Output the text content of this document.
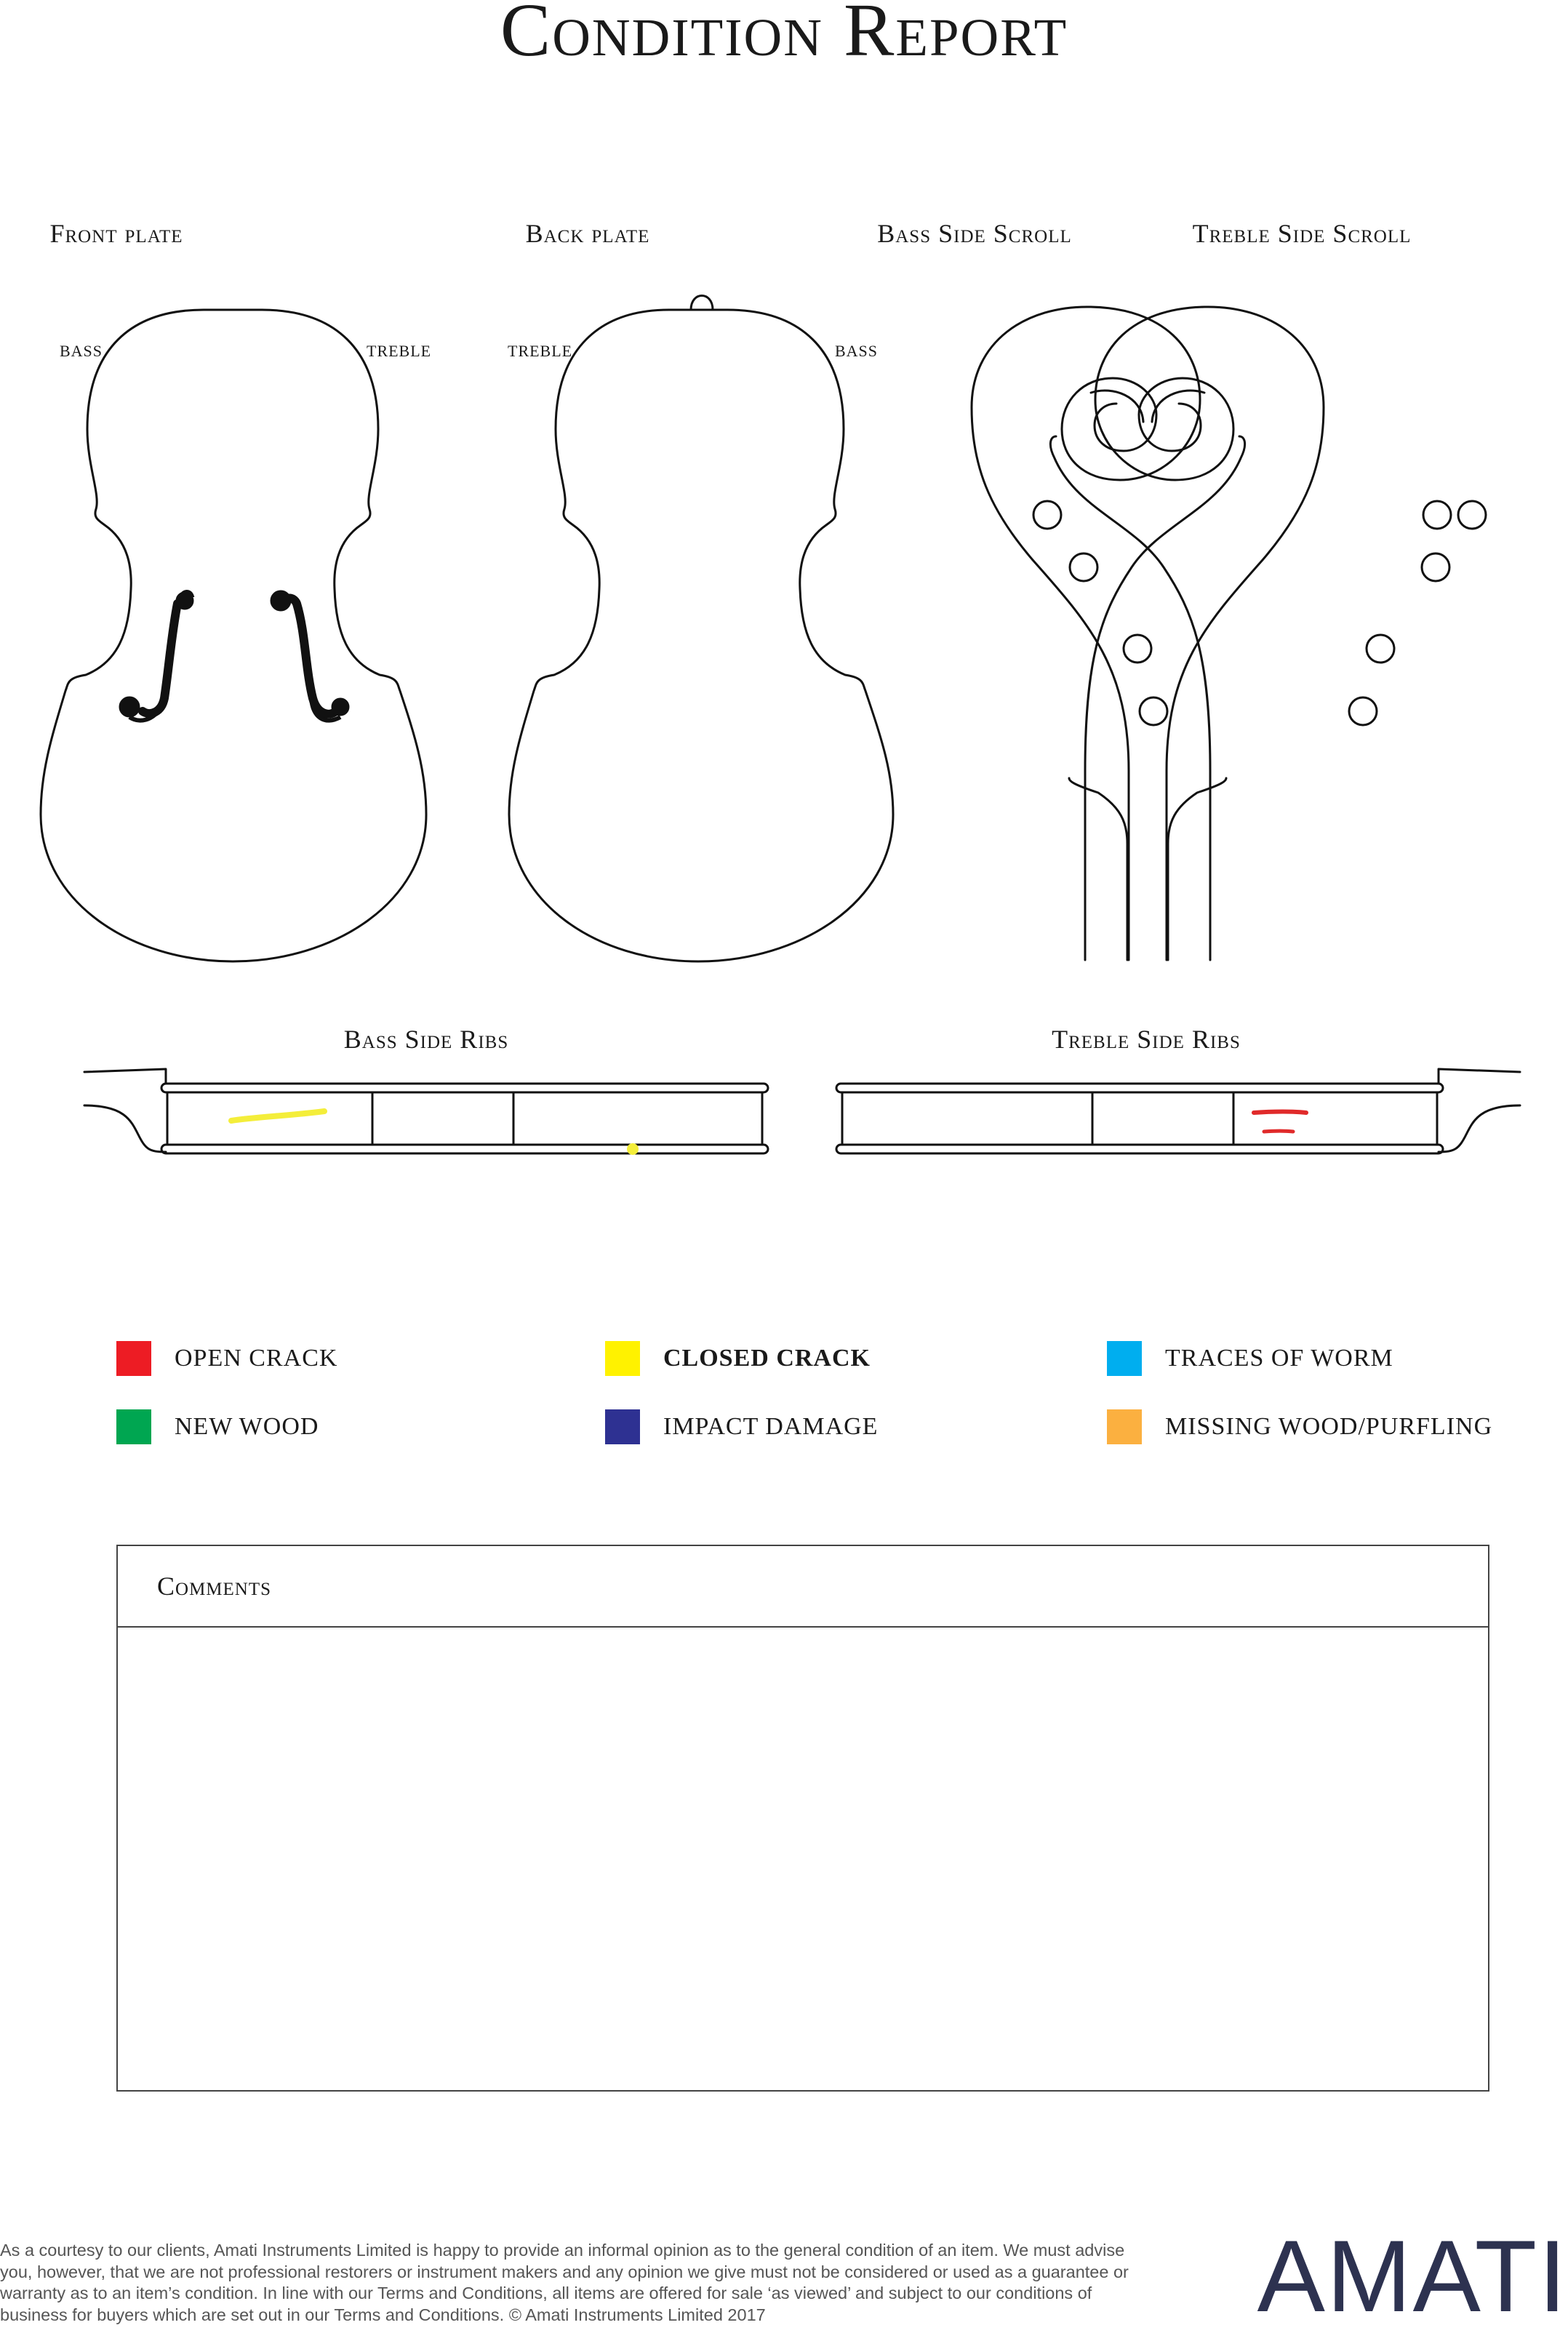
Condition Report
Front plate	Back plate	Bass Side Scroll	Treble Side Scroll
Bass Side Ribs	Treble Side Ribs
BASS	TREBLE	TREBLE	BASS
OPEN CRACK	CLOSED CRACK	TRACES OF WORM
NEW WOOD	IMPACT DAMAGE	MISSING WOOD/PURFLING
Comments
As a courtesy to our clients, Amati Instruments Limited is happy to provide an informal opinion as to the general condition of an item. We must advise you, however, that we are not professional restorers or instrument makers and any opinion we give must not be considered or used as a guarantee or warranty as to an item’s condition. In line with our Terms and Conditions, all items are offered for sale ‘as viewed’ and subject to our conditions of business for buyers which are set out in our Terms and Conditions. © Amati Instruments Limited 2017	AMATI
